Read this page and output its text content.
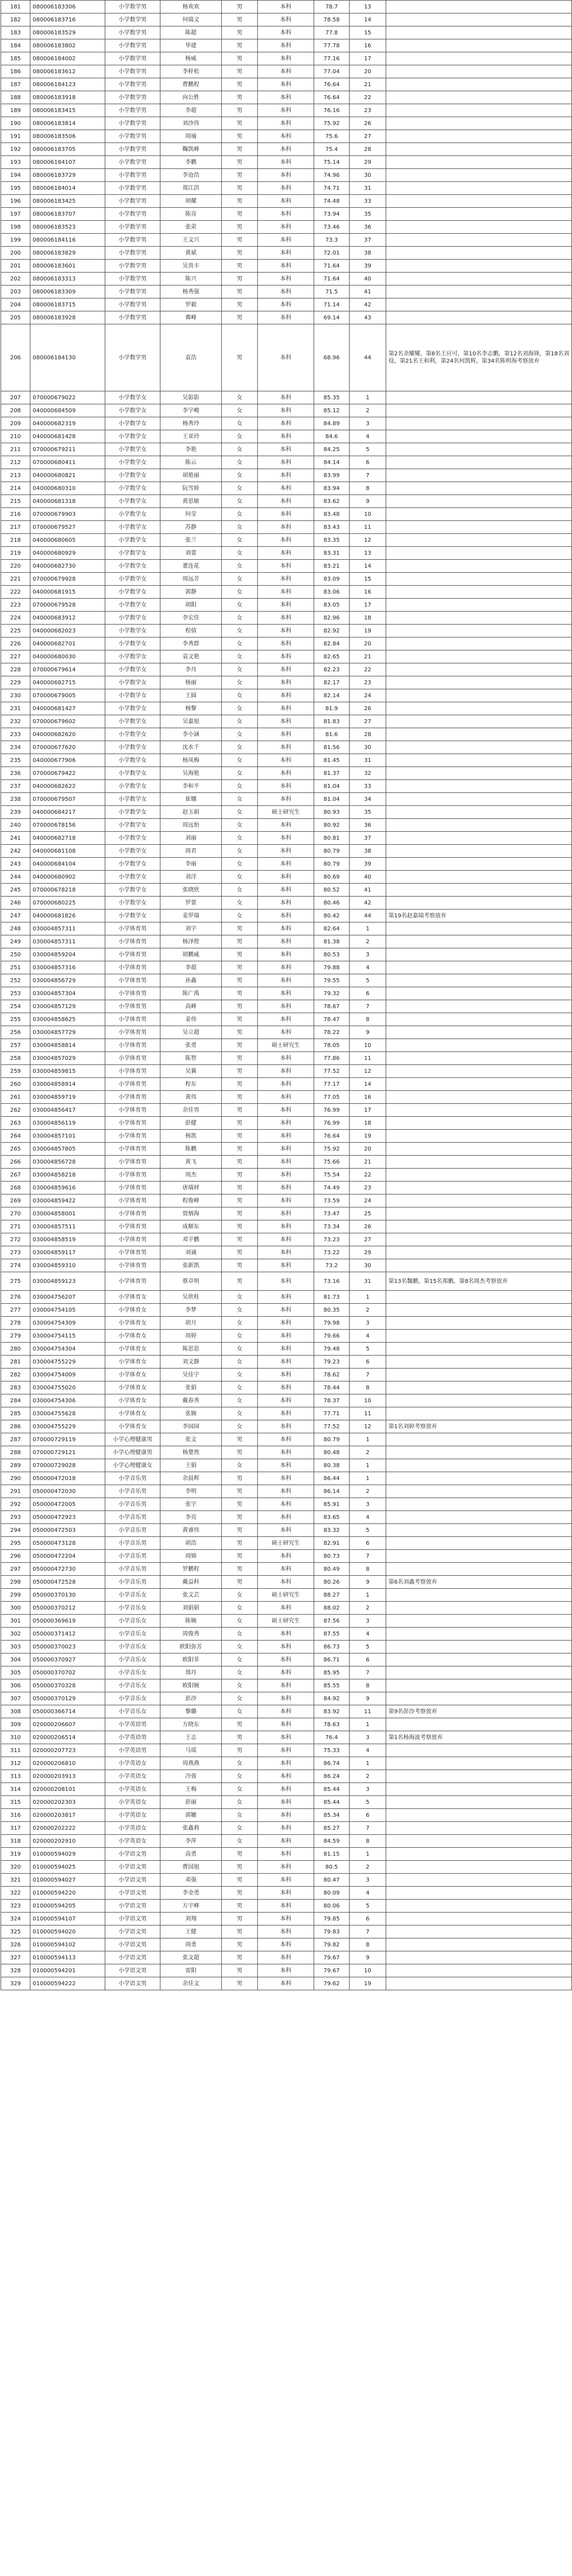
181	080006183306	小学数学男	杨欢欢	男	本科	78.7	13	
182	080006183716	小学数学男	何瑞文	男	本科	78.58	14	
183	080006183529	小学数学男	陈超	男	本科	77.8	15	
184	080006183802	小学数学男	华建	男	本科	77.78	16	
185	080006184002	小学数学男	杨威	男	本科	77.16	17	
186	080006183612	小学数学男	李梓松	男	本科	77.04	20	
187	080006184123	小学数学男	曹鹏程	男	本科	76.64	21	
188	080006183918	小学数学男	向公胜	男	本科	76.64	22	
189	080006183415	小学数学男	李超	男	本科	76.16	23	
190	080006183814	小学数学男	刘沙伟	男	本科	75.92	26	
191	080006183506	小学数学男	周瑜	男	本科	75.6	27	
192	080006183705	小学数学男	鞠凯峰	男	本科	75.4	28	
193	080006184107	小学数学男	李鹏	男	本科	75.14	29	
194	080006183729	小学数学男	李沧浩	男	本科	74.96	30	
195	080006184014	小学数学男	郑江洪	男	本科	74.71	31	
196	080006183425	小学数学男	胡耀	男	本科	74.48	33	
197	080006183707	小学数学男	陈亮	男	本科	73.94	35	
198	080006183523	小学数学男	张荣	男	本科	73.46	36	
199	080006184116	小学数学男	王文兴	男	本科	73.3	37	
200	080006183829	小学数学男	黄斌	男	本科	72.01	38	
201	080006183601	小学数学男	吴贵丰	男	本科	71.64	39	
202	080006183313	小学数学男	陈兴	男	本科	71.64	40	
203	080006183309	小学数学男	杨秀强	男	本科	71.5	41	
204	080006183715	小学数学男	罗毅	男	本科	71.14	42	
205	080006183928	小学数学男	冀峰	男	本科	69.14	43	
206	080006184130	小学数学男	袁浩	男	本科	68.96	44	第2名余耀耀，第8名王应可，第10名李志鹏，第12名刘海锋，第18名刘役，第21名王和利，第24名何凯辉，第34名陈明海考察放弃
207	070000679022	小学数学女	吴影影	女	本科	85.35	1	
208	040000684509	小学数学女	李宇峻	女	本科	85.12	2	
209	040000682319	小学数学女	杨秀玲	女	本科	84.89	3	
210	040000681428	小学数学女	王亚玲	女	本科	84.6	4	
211	070000679211	小学数学女	李艳	女	本科	84.25	5	
212	070000680411	小学数学女	陈云	女	本科	84.14	6	
213	040000680821	小学数学女	胡艳丽	女	本科	83.99	7	
214	040000680310	小学数学女	阮雪娇	女	本科	83.94	8	
215	040000681318	小学数学女	黄思敏	女	本科	83.62	9	
216	070000679903	小学数学女	何莹	女	本科	83.48	10	
217	070000679527	小学数学女	苏静	女	本科	83.43	11	
218	040000680605	小学数学女	张兰	女	本科	83.35	12	
219	040000680929	小学数学女	刘蕾	女	本科	83.31	13	
220	040000682730	小学数学女	董连花	女	本科	83.21	14	
221	070000679928	小学数学女	周远芳	女	本科	83.09	15	
222	040000681915	小学数学女	郭静	女	本科	83.06	16	
223	070000679528	小学数学女	胡阳	女	本科	83.05	17	
224	040000683912	小学数学女	李宏佳	女	本科	82.96	18	
225	040000682023	小学数学女	程倩	女	本科	82.92	19	
226	040000682701	小学数学女	李秀群	女	本科	82.84	20	
227	040000680030	小学数学女	袁文艳	女	本科	82.65	21	
228	070000679614	小学数学女	李丹	女	本科	82.23	22	
229	040000682715	小学数学女	杨丽	女	本科	82.17	23	
230	070000679005	小学数学女	王圆	女	本科	82.14	24	
231	040000681427	小学数学女	杨黎	女	本科	81.9	26	
232	070000679602	小学数学女	吴嘉旭	女	本科	81.83	27	
233	040000682620	小学数学女	李小涵	女	本科	81.6	28	
234	070000677620	小学数学女	沈水千	女	本科	81.56	30	
235	040000677906	小学数学女	杨凤梅	女	本科	81.45	31	
236	070000679422	小学数学女	吴海艳	女	本科	81.37	32	
237	040000682622	小学数学女	李和平	女	本科	81.04	33	
238	070000679507	小学数学女	崔娜	女	本科	81.04	34	
239	040000684217	小学数学女	赵玉娟	女	硕士研究生	80.93	35	
240	070000678156	小学数学女	周远怡	女	本科	80.92	36	
241	040000682718	小学数学女	刘丽	女	本科	80.81	37	
242	040000681108	小学数学女	周君	女	本科	80.79	38	
243	040000684104	小学数学女	李丽	女	本科	80.79	39	
244	040000680902	小学数学女	刘洋	女	本科	80.69	40	
245	070000678218	小学数学女	张晓欣	女	本科	80.52	41	
246	070000680225	小学数学女	罗蕾	女	本科	80.46	42	
247	040000681826	小学数学女	姜罗瑞	女	本科	80.42	44	第19名赵嘉瑞考察放弃
248	030004857311	小学体育男	刘宇	男	本科	82.64	1	
249	030004857311	小学体育男	杨泽煌	男	本科	81.38	2	
250	030004859204	小学体育男	胡鹏威	男	本科	80.53	3	
251	030004857316	小学体育男	李超	男	本科	79.88	4	
252	030004856729	小学体育男	孙鑫	男	本科	79.55	5	
253	030004857304	小学体育男	陈广禹	男	本科	79.32	6	
254	030004857129	小学体育男	高峰	男	本科	78.67	7	
255	030004858625	小学体育男	姜伟	男	本科	78.47	8	
256	030004857729	小学体育男	吴立超	男	本科	78.22	9	
257	030004858814	小学体育男	张勇	男	硕士研究生	78.05	10	
258	030004857029	小学体育男	陈智	男	本科	77.86	11	
259	030004859815	小学体育男	吴翼	男	本科	77.52	12	
260	030004858914	小学体育男	程东	男	本科	77.17	14	
261	030004859719	小学体育男	黄伟	男	本科	77.05	16	
262	030004856417	小学体育男	余佳男	男	本科	76.99	17	
263	030004856119	小学体育男	彭健	男	本科	76.99	18	
264	030004857101	小学体育男	杨凯	男	本科	76.64	19	
265	030004857805	小学体育男	陈鹏	男	本科	75.92	20	
266	030004856728	小学体育男	黄飞	男	本科	75.66	21	
267	030004858218	小学体育男	周杰	男	本科	75.54	22	
268	030004859616	小学体育男	唐瑞材	男	本科	74.49	23	
269	030004859422	小学体育男	程俊峰	男	本科	73.59	24	
270	030004858001	小学体育男	贾炳海	男	本科	73.47	25	
271	030004857511	小学体育男	成顺东	男	本科	73.34	26	
272	030004858519	小学体育男	邓宇鹏	男	本科	73.23	27	
273	030004859117	小学体育男	刘诚	男	本科	73.22	29	
274	030004859310	小学体育男	张新凯	男	本科	73.2	30	
275	030004859123	小学体育男	蔡卓明	男	本科	73.16	31	第13名魏鹏，第15名郑鹏，第8名周杰考察放弃
276	030004756207	小学体育女	吴欣桂	女	本科	81.73	1	
277	030004754105	小学体育女	李梦	女	本科	80.35	2	
278	030004754309	小学体育女	胡月	女	本科	79.98	3	
279	030004754115	小学体育女	周婷	女	本科	79.66	4	
280	030004754304	小学体育女	陈思思	女	本科	79.48	5	
281	030004755229	小学体育女	刘文静	女	本科	79.23	6	
282	030004754009	小学体育女	吴佳宇	女	本科	78.62	7	
283	030004755020	小学体育女	张娟	女	本科	78.44	8	
284	030004754306	小学体育女	戴春秀	女	本科	78.37	10	
285	030004755628	小学体育女	张婉	女	本科	77.71	11	
286	030004755229	小学体育女	李园园	女	本科	77.52	12	第1名刘婷考察放弃
287	070000729119	小学心理健康男	张文	男	本科	80.79	1	
288	070000729121	小学心理健康男	杨楚然	男	本科	80.48	2	
289	070000729028	小学心理健康女	王娟	女	本科	80.38	1	
290	050000472018	小学音乐男	余晨辉	男	本科	86.44	1	
291	050000472030	小学音乐男	李明	男	本科	86.14	2	
292	050000472005	小学音乐男	张宇	男	本科	85.91	3	
293	050000472923	小学音乐男	李亮	男	本科	83.65	4	
294	050000472503	小学音乐男	黄睿伟	男	本科	83.32	5	
295	050000473128	小学音乐男	胡浩	男	硕士研究生	82.91	6	
296	050000472204	小学音乐男	周锦	男	本科	80.73	7	
297	050000472730	小学音乐男	罗鹏程	男	本科	80.49	8	
298	050000472528	小学音乐男	戴益科	男	本科	80.26	9	第6名刘鑫考察放弃
299	050000370130	小学音乐女	张文芸	女	硕士研究生	88.27	1	
300	050000370212	小学音乐女	刘娟娟	女	本科	88.02	2	
301	050000369619	小学音乐女	陈婉	女	硕士研究生	87.56	3	
302	050000371412	小学音乐女	周俊秀	女	本科	87.55	4	
303	050000370023	小学音乐女	欧阳弥芳	女	本科	86.73	5	
304	050000370927	小学音乐女	欧阳菲	女	本科	86.71	6	
305	050000370702	小学音乐女	郑丹	女	本科	85.95	7	
306	050000370328	小学音乐女	欧阳婉	女	本科	85.55	8	
307	050000370129	小学音乐女	彭沙	女	本科	84.92	9	
308	050000366714	小学音乐女	黎璐	女	本科	83.92	11	第9名彭沙考察放弃
309	020000206607	小学英语男	方晓东	男	本科	78.63	1	
310	020000206514	小学英语男	王志	男	本科	76.4	3	第1名杨海波考察放弃
311	020000207723	小学英语男	马瑶	男	本科	75.33	4	
312	020000206810	小学英语女	周燕燕	女	本科	86.74	1	
313	020000203913	小学英语女	冷蓉	女	本科	86.24	2	
314	020000208101	小学英语女	王梅	女	本科	85.44	3	
315	020000202303	小学英语女	彭丽	女	本科	85.44	5	
316	020000203817	小学英语女	郭姗	女	本科	85.34	6	
317	020000202222	小学英语女	张鑫莉	女	本科	85.27	7	
318	020000202910	小学英语女	李萍	女	本科	84.59	8	
319	010000594029	小学语文男	高勇	男	本科	81.15	1	
320	010000594025	小学语文男	曹国旭	男	本科	80.5	2	
321	010000594027	小学语文男	邓强	男	本科	80.47	3	
322	010000594220	小学语文男	李金勇	男	本科	80.09	4	
323	010000594205	小学语文男	方宇峰	男	本科	80.06	5	
324	010000594107	小学语文男	刘翔	男	本科	79.85	6	
325	010000594020	小学语文男	王健	男	本科	79.83	7	
326	010000594102	小学语文男	周勇	男	本科	79.82	8	
327	010000594113	小学语文男	张文超	男	本科	79.67	9	
328	010000594201	小学语文男	雷阳	男	本科	79.67	10	
329	010000594222	小学语文男	余佳文	男	本科	79.62	19	
